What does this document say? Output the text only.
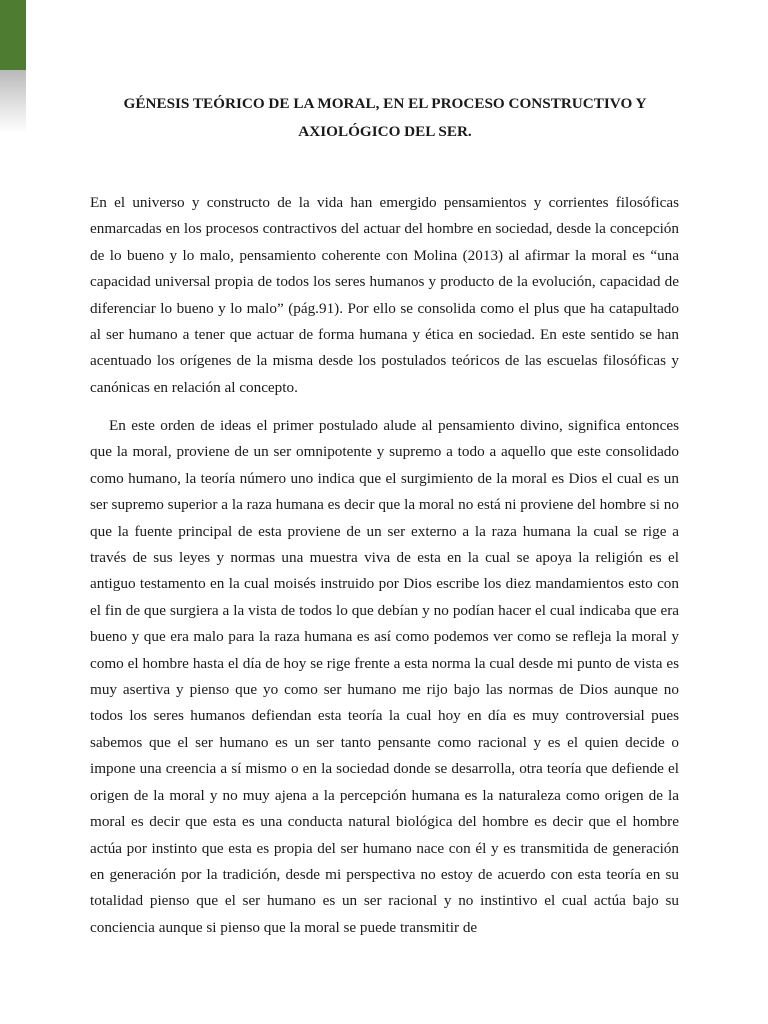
GÉNESIS TEÓRICO DE LA MORAL, EN EL PROCESO CONSTRUCTIVO Y
AXIOLÓGICO DEL SER.

En el universo y constructo de la vida han emergido pensamientos y corrientes filosóficas enmarcadas en los procesos contractivos del actuar del hombre en sociedad, desde la concepción de lo bueno y lo malo, pensamiento coherente con Molina (2013) al afirmar la moral es “una capacidad universal propia de todos los seres humanos y producto de la evolución, capacidad de diferenciar lo bueno y lo malo” (pág.91). Por ello se consolida como el plus que ha catapultado al ser humano a tener que actuar de forma humana y ética en sociedad. En este sentido se han acentuado los orígenes de la misma desde los postulados teóricos de las escuelas filosóficas y canónicas en relación al concepto.

En este orden de ideas el primer postulado alude al pensamiento divino, significa entonces que la moral, proviene de un ser omnipotente y supremo a todo a aquello que este consolidado como humano, la teoría número uno indica que el surgimiento de la moral es Dios el cual es un ser supremo superior a la raza humana es decir que la moral no está ni proviene del hombre si no que la fuente principal de esta proviene de un ser externo a la raza humana la cual se rige a través de sus leyes y normas una muestra viva de esta en la cual se apoya la religión es el antiguo testamento en la cual moisés instruido por Dios escribe los diez mandamientos esto con el fin de que surgiera a la vista de todos lo que debían y no podían hacer el cual indicaba que era bueno y que era malo para la raza humana es así como podemos ver como se refleja la moral y como el hombre hasta el día de hoy se rige frente a esta norma la cual desde mi punto de vista es muy asertiva y pienso que yo como ser humano me rijo bajo las normas de Dios aunque no todos los seres humanos defiendan esta teoría la cual hoy en día es muy controversial pues sabemos que el ser humano es un ser tanto pensante como racional y es el quien decide o impone una creencia a sí mismo o en la sociedad donde se desarrolla, otra teoría que defiende el origen de la moral y no muy ajena a la percepción humana es la naturaleza como origen de la moral es decir que esta es una conducta natural biológica del hombre es decir que el hombre actúa por instinto que esta es propia del ser humano nace con él y es transmitida de generación en generación por la tradición, desde mi perspectiva no estoy de acuerdo con esta teoría en su totalidad pienso que el ser humano es un ser racional y no instintivo el cual actúa bajo su conciencia aunque si pienso que la moral se puede transmitir de
